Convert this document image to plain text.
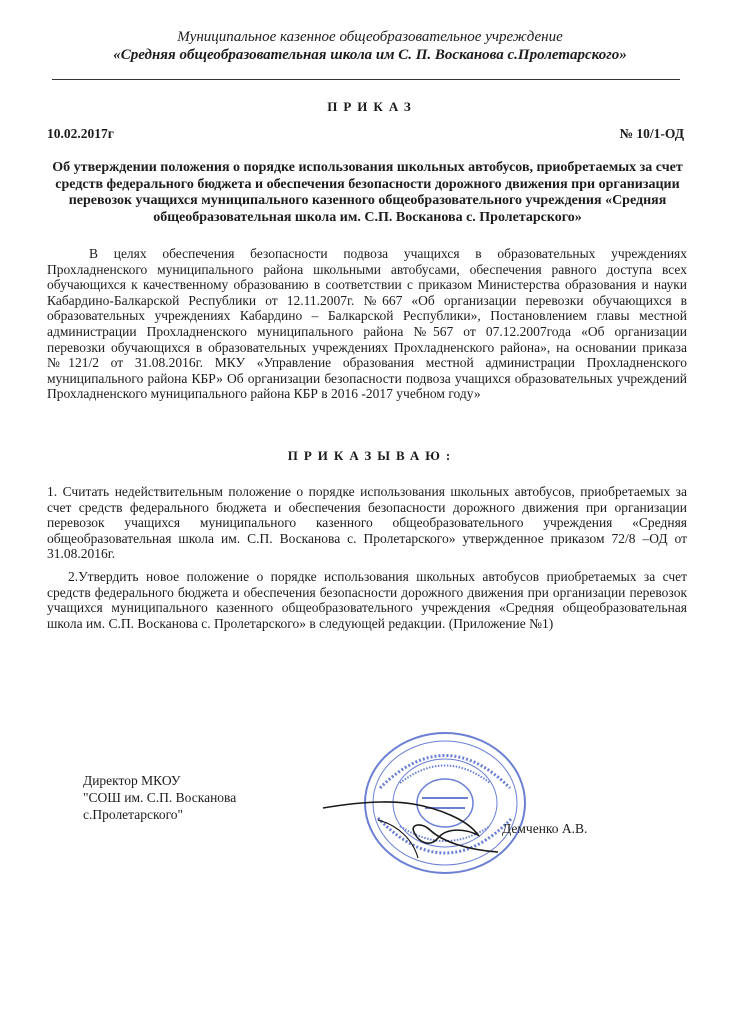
Муниципальное казенное общеобразовательное учреждение
«Средняя общеобразовательная школа им С. П. Восканова с.Пролетарского»
ПРИКАЗ
10.02.2017г	№ 10/1-ОД
Об утверждении положения о порядке использования школьных автобусов, приобретаемых за счет средств федерального бюджета и обеспечения безопасности дорожного движения при организации перевозок учащихся муниципального казенного общеобразовательного учреждения «Средняя общеобразовательная школа им. С.П. Восканова с. Пролетарского»
В целях обеспечения безопасности подвоза учащихся в образовательных учреждениях Прохладненского муниципального района школьными автобусами, обеспечения равного доступа всех обучающихся к качественному образованию в соответствии с приказом Министерства образования и науки Кабардино-Балкарской Республики от 12.11.2007г. №667 «Об организации перевозки обучающихся в образовательных учреждениях Кабардино – Балкарской Республики», Постановлением главы местной администрации Прохладненского муниципального района №567 от 07.12.2007года «Об организации перевозки обучающихся в образовательных учреждениях Прохладненского района», на основании приказа №121/2 от 31.08.2016г. МКУ «Управление образования местной администрации Прохладненского муниципального района КБР» Об организации безопасности подвоза учащихся образовательных учреждений Прохладненского муниципального района КБР в 2016 -2017 учебном году»
ПРИКАЗЫВАЮ:
1. Считать недействительным положение о порядке использования школьных автобусов, приобретаемых за счет средств федерального бюджета и обеспечения безопасности дорожного движения при организации перевозок учащихся муниципального казенного общеобразовательного учреждения «Средняя общеобразовательная школа им. С.П. Восканова с. Пролетарского» утвержденное приказом 72/8 –ОД от 31.08.2016г.
2.Утвердить новое положение о порядке использования школьных автобусов приобретаемых за счет средств федерального бюджета и обеспечения безопасности дорожного движения при организации перевозок учащихся муниципального казенного общеобразовательного учреждения «Средняя общеобразовательная школа им. С.П. Восканова с. Пролетарского» в следующей редакции. (Приложение №1)
Директор МКОУ
"СОШ им. С.П. Восканова
с.Пролетарского"
Демченко А.В.
